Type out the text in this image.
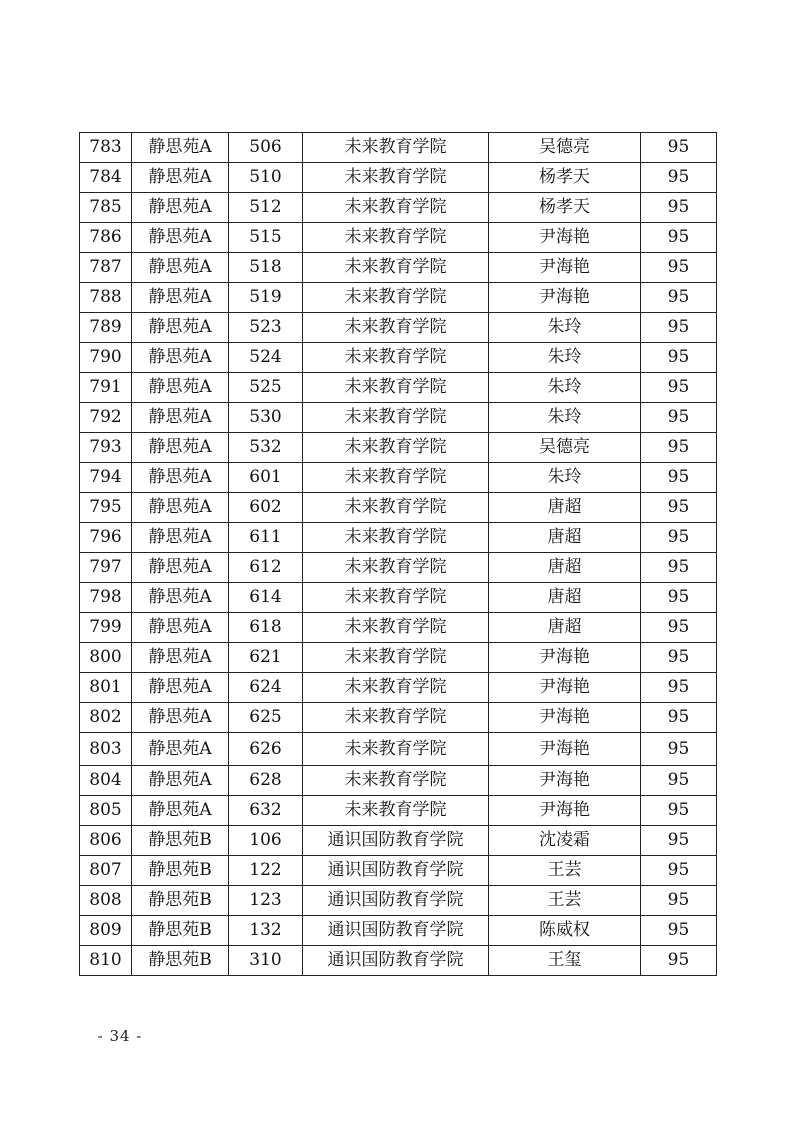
783	静思苑A	506	未来教育学院	吴德亮	95
784	静思苑A	510	未来教育学院	杨孝天	95
785	静思苑A	512	未来教育学院	杨孝天	95
786	静思苑A	515	未来教育学院	尹海艳	95
787	静思苑A	518	未来教育学院	尹海艳	95
788	静思苑A	519	未来教育学院	尹海艳	95
789	静思苑A	523	未来教育学院	朱玲	95
790	静思苑A	524	未来教育学院	朱玲	95
791	静思苑A	525	未来教育学院	朱玲	95
792	静思苑A	530	未来教育学院	朱玲	95
793	静思苑A	532	未来教育学院	吴德亮	95
794	静思苑A	601	未来教育学院	朱玲	95
795	静思苑A	602	未来教育学院	唐超	95
796	静思苑A	611	未来教育学院	唐超	95
797	静思苑A	612	未来教育学院	唐超	95
798	静思苑A	614	未来教育学院	唐超	95
799	静思苑A	618	未来教育学院	唐超	95
800	静思苑A	621	未来教育学院	尹海艳	95
801	静思苑A	624	未来教育学院	尹海艳	95
802	静思苑A	625	未来教育学院	尹海艳	95
803	静思苑A	626	未来教育学院	尹海艳	95
804	静思苑A	628	未来教育学院	尹海艳	95
805	静思苑A	632	未来教育学院	尹海艳	95
806	静思苑B	106	通识国防教育学院	沈凌霜	95
807	静思苑B	122	通识国防教育学院	王芸	95
808	静思苑B	123	通识国防教育学院	王芸	95
809	静思苑B	132	通识国防教育学院	陈威权	95
810	静思苑B	310	通识国防教育学院	王玺	95
- 34 -
